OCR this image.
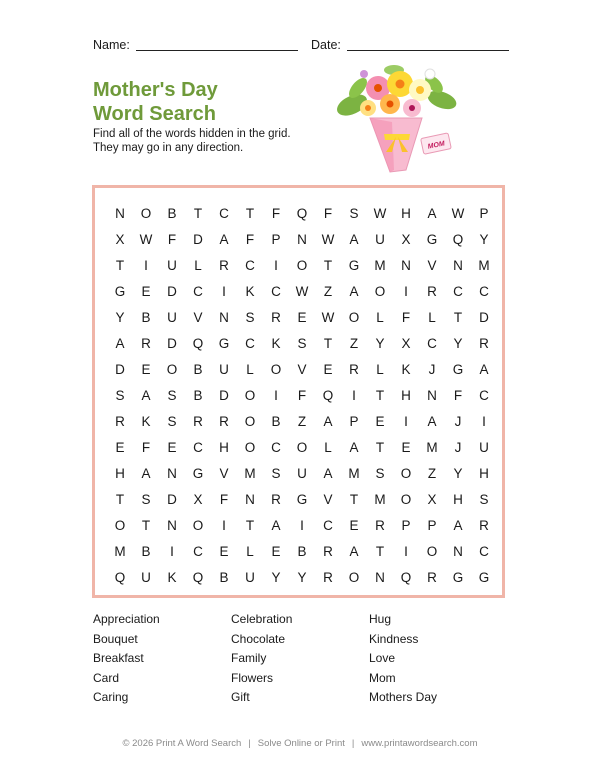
Name:	Date:
Mother's Day
Word Search

Find all of the words hidden in the grid.
They may go in any direction.	MOM
N	O	B	T	C	T	F	Q	F	S	W	H	A	W	P
X	W	F	D	A	F	P	N	W	A	U	X	G	Q	Y
T	I	U	L	R	C	I	O	T	G	M	N	V	N	M
G	E	D	C	I	K	C	W	Z	A	O	I	R	C	C
Y	B	U	V	N	S	R	E	W	O	L	F	L	T	D
A	R	D	Q	G	C	K	S	T	Z	Y	X	C	Y	R
D	E	O	B	U	L	O	V	E	R	L	K	J	G	A
S	A	S	B	D	O	I	F	Q	I	T	H	N	F	C
R	K	S	R	R	O	B	Z	A	P	E	I	A	J	I
E	F	E	C	H	O	C	O	L	A	T	E	M	J	U
H	A	N	G	V	M	S	U	A	M	S	O	Z	Y	H
T	S	D	X	F	N	R	G	V	T	M	O	X	H	S
O	T	N	O	I	T	A	I	C	E	R	P	P	A	R
M	B	I	C	E	L	E	B	R	A	T	I	O	N	C
Q	U	K	Q	B	U	Y	Y	R	O	N	Q	R	G	G
Appreciation
Bouquet
Breakfast
Card
Caring
Celebration
Chocolate
Family
Flowers
Gift
Hug
Kindness
Love
Mom
Mothers Day
© 2026 Print A Word Search | Solve Online or Print | www.printawordsearch.com
